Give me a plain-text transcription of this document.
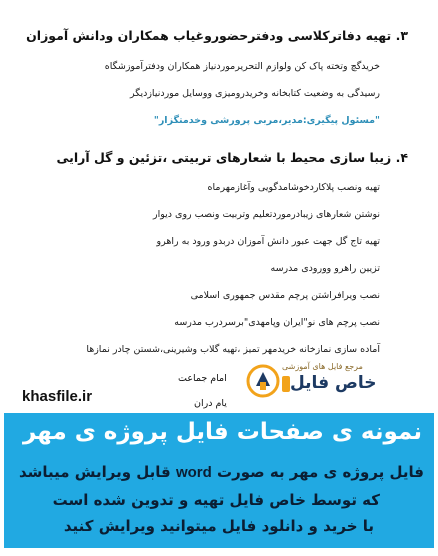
۳. تهیه دفاترکلاسی ودفترحضوروغیاب همکاران ودانش آموزان
خریدگچ وتخته پاک کن ولوازم التحریرموردنیاز همکاران ودفترآموزشگاه
رسیدگی به وضعیت کتابخانه وخریدرومیزی ووسایل موردنیازدیگر
"مسئول پیگیری:مدیر،مربی پرورشی وخدمتگزار"
۴. زیبا سازی محیط با شعارهای تربیتی ،تزئین و گل آرایی
تهیه ونصب پلاکاردخوشامدگویی وآغازمهرماه
نوشتن شعارهای زیبادرموردتعلیم وتربیت ونصب روی دیوار
تهیه تاج گل جهت عبور دانش آموزان دربدو ورود به راهرو
تزیین راهرو وورودی مدرسه
نصب ویرافراشتن پرچم مقدس جمهوری اسلامی
نصب پرچم های نو"ایران وپامهدی"برسردرب مدرسه
آماده سازی نمازخانه خریدمهر تمیز ،تهیه گلاب وشیرینی،شستن چادر نمازها
امام جماعت
یام دران
مرجع فایل های آموزشی
خاص فایل
khasfile.ir
نمونه ی صفحات فایل پروژه ی مهر
فایل پروژه ی مهر به صورت word قابل ویرایش میباشد
که توسط خاص فایل تهیه و تدوین شده است
با خرید و دانلود فایل میتوانید ویرایش کنید
